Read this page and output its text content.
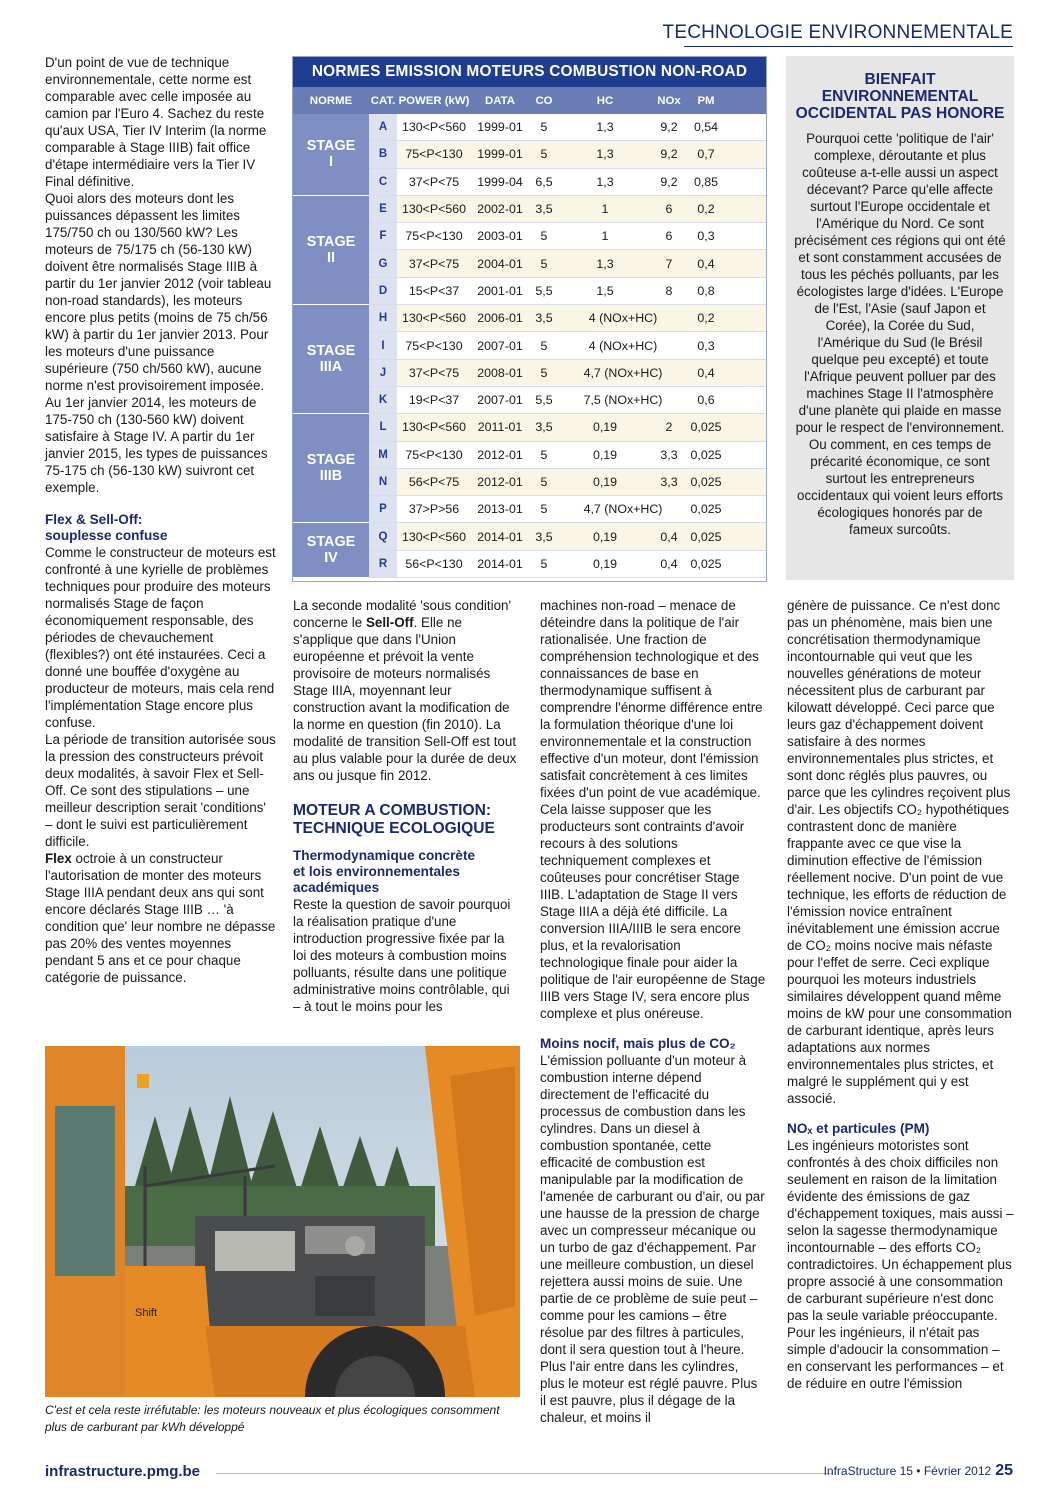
TECHNOLOGIE ENVIRONNEMENTALE

D'un point de vue de technique environnementale, cette norme est comparable avec celle imposée au camion par l'Euro 4. Sachez du reste qu'aux USA, Tier IV Interim (la norme comparable à Stage IIIB) fait office d'étape intermédiaire vers la Tier IV Final définitive.

Quoi alors des moteurs dont les puissances dépassent les limites 175/750 ch ou 130/560 kW? Les moteurs de 75/175 ch (56-130 kW) doivent être normalisés Stage IIIB à partir du 1er janvier 2012 (voir tableau non-road standards), les moteurs encore plus petits (moins de 75 ch/56 kW) à partir du 1er janvier 2013. Pour les moteurs d'une puissance supérieure (750 ch/560 kW), aucune norme n'est provisoirement imposée. Au 1er janvier 2014, les moteurs de 175-750 ch (130-560 kW) doivent satisfaire à Stage IV. A partir du 1er janvier 2015, les types de puissances 75-175 ch (56-130 kW) suivront cet exemple.

Flex & Sell-Off:
souplesse confuse

Comme le constructeur de moteurs est confronté à une kyrielle de problèmes techniques pour produire des moteurs normalisés Stage de façon économiquement responsable, des périodes de chevauchement (flexibles?) ont été instaurées. Ceci a donné une bouffée d'oxygène au producteur de moteurs, mais cela rend l'implémentation Stage encore plus confuse.

La période de transition autorisée sous la pression des constructeurs prévoit deux modalités, à savoir Flex et Sell-Off. Ce sont des stipulations – une meilleur description serait 'conditions' – dont le suivi est particulièrement difficile.

Flex octroie à un constructeur l'autorisation de monter des moteurs Stage IIIA pendant deux ans qui sont encore déclarés Stage IIIB … 'à condition que' leur nombre ne dépasse pas 20% des ventes moyennes pendant 5 ans et ce pour chaque catégorie de puissance.

NORMES EMISSION MOTEURS COMBUSTION NON-ROAD
NORME	CAT. POWER (kW)	DATA	CO	HC	NOx	PM
STAGE
I
A	130<P<560 1999-01	5	1,3	9,2	0,54
B	75<P<130	1999-01	5	1,3	9,2	0,7
C	37<P<75	1999-04	6,5	1,3	9,2	0,85
STAGE
II
E	130<P<560 2002-01	3,5	1	6	0,2
F	75<P<130	2003-01	5	1	6	0,3
G	37<P<75	2004-01	5	1,3	7	0,4
D	15<P<37	2001-01	5,5	1,5	8	0,8
STAGE
IIIA
H	130<P<560 2006-01	3,5	4 (NOx+HC)	0,2
I	75<P<130	2007-01	5	4 (NOx+HC)	0,3
J	37<P<75	2008-01	5	4,7 (NOx+HC)	0,4
K	19<P<37	2007-01	5,5	7,5 (NOx+HC)	0,6
STAGE
IIIB
L	130<P<560 2011-01	3,5	0,19	2	0,025
M	75<P<130	2012-01	5	0,19	3,3	0,025
N	56<P<75	2012-01	5	0,19	3,3	0,025
P	37>P>56	2013-01	5	4,7 (NOx+HC)	0,025
STAGE
IV
Q	130<P<560 2014-01	3,5	0,19	0,4	0,025
R	56<P<130	2014-01	5	0,19	0,4	0,025
BIENFAIT ENVIRONNEMENTAL OCCIDENTAL PAS HONORE
Pourquoi cette 'politique de l'air' complexe, déroutante et plus coûteuse a-t-elle aussi un aspect décevant? Parce qu'elle affecte surtout l'Europe occidentale et l'Amérique du Nord. Ce sont précisément ces régions qui ont été et sont constamment accusées de tous les péchés polluants, par les écologistes large d'idées. L'Europe de l'Est, l'Asie (sauf Japon et Corée), la Corée du Sud, l'Amérique du Sud (le Brésil quelque peu excepté) et toute l'Afrique peuvent polluer par des machines Stage II l'atmosphère d'une planète qui plaide en masse pour le respect de l'environnement. Ou comment, en ces temps de précarité économique, ce sont surtout les entrepreneurs occidentaux qui voient leurs efforts écologiques honorés par de fameux surcoûts.

La seconde modalité 'sous condition' concerne le Sell-Off. Elle ne s'applique que dans l'Union européenne et prévoit la vente provisoire de moteurs normalisés Stage IIIA, moyennant leur construction avant la modification de la norme en question (fin 2010). La modalité de transition Sell-Off est tout au plus valable pour la durée de deux ans ou jusque fin 2012.

MOTEUR A COMBUSTION:
TECHNIQUE ECOLOGIQUE
Thermodynamique concrète
et lois environnementales
académiques

Reste la question de savoir pourquoi la réalisation pratique d'une introduction progressive fixée par la loi des moteurs à combustion moins polluants, résulte dans une politique administrative moins contrôlable, qui – à tout le moins pour les

machines non-road – menace de déteindre dans la politique de l'air rationalisée. Une fraction de compréhension technologique et des connaissances de base en thermodynamique suffisent à comprendre l'énorme différence entre la formulation théorique d'une loi environnementale et la construction effective d'un moteur, dont l'émission satisfait concrètement à ces limites fixées d'un point de vue académique. Cela laisse supposer que les producteurs sont contraints d'avoir recours à des solutions techniquement complexes et coûteuses pour concrétiser Stage IIIB. L'adaptation de Stage II vers Stage IIIA a déjà été difficile. La conversion IIIA/IIIB le sera encore plus, et la revalorisation technologique finale pour aider la politique de l'air européenne de Stage IIIB vers Stage IV, sera encore plus complexe et plus onéreuse.

Moins nocif, mais plus de CO₂

L'émission polluante d'un moteur à combustion interne dépend directement de l'efficacité du processus de combustion dans les cylindres. Dans un diesel à combustion spontanée, cette efficacité de combustion est manipulable par la modification de l'amenée de carburant ou d'air, ou par une hausse de la pression de charge avec un compresseur mécanique ou un turbo de gaz d'échappement. Par une meilleure combustion, un diesel rejettera aussi moins de suie. Une partie de ce problème de suie peut – comme pour les camions – être résolue par des filtres à particules, dont il sera question tout à l'heure. Plus l'air entre dans les cylindres, plus le moteur est réglé pauvre. Plus il est pauvre, plus il dégage de la chaleur, et moins il

génère de puissance. Ce n'est donc pas un phénomène, mais bien une concrétisation thermodynamique incontournable qui veut que les nouvelles générations de moteur nécessitent plus de carburant par kilowatt développé. Ceci parce que leurs gaz d'échappement doivent satisfaire à des normes environnementales plus strictes, et sont donc réglés plus pauvres, ou parce que les cylindres reçoivent plus d'air. Les objectifs CO₂ hypothétiques contrastent donc de manière frappante avec ce que vise la diminution effective de l'émission réellement nocive. D'un point de vue technique, les efforts de réduction de l'émission novice entraînent inévitablement une émission accrue de CO₂ moins nocive mais néfaste pour l'effet de serre. Ceci explique pourquoi les moteurs industriels similaires développent quand même moins de kW pour une consommation de carburant identique, après leurs adaptations aux normes environnementales plus strictes, et malgré le supplément qui y est associé.

NOₓ et particules (PM)

Les ingénieurs motoristes sont confrontés à des choix difficiles non seulement en raison de la limitation évidente des émissions de gaz d'échappement toxiques, mais aussi – selon la sagesse thermodynamique incontournable – des efforts CO₂ contradictoires. Un échappement plus propre associé à une consommation de carburant supérieure n'est donc pas la seule variable préoccupante. Pour les ingénieurs, il n'était pas simple d'adoucir la consommation – en conservant les performances – et de réduire en outre l'émission

Shift
C'est et cela reste irréfutable: les moteurs nouveaux et plus écologiques consomment plus de carburant par kWh développé
infrastructure.pmg.be	InfraStructure 15 • Février 2012 25
